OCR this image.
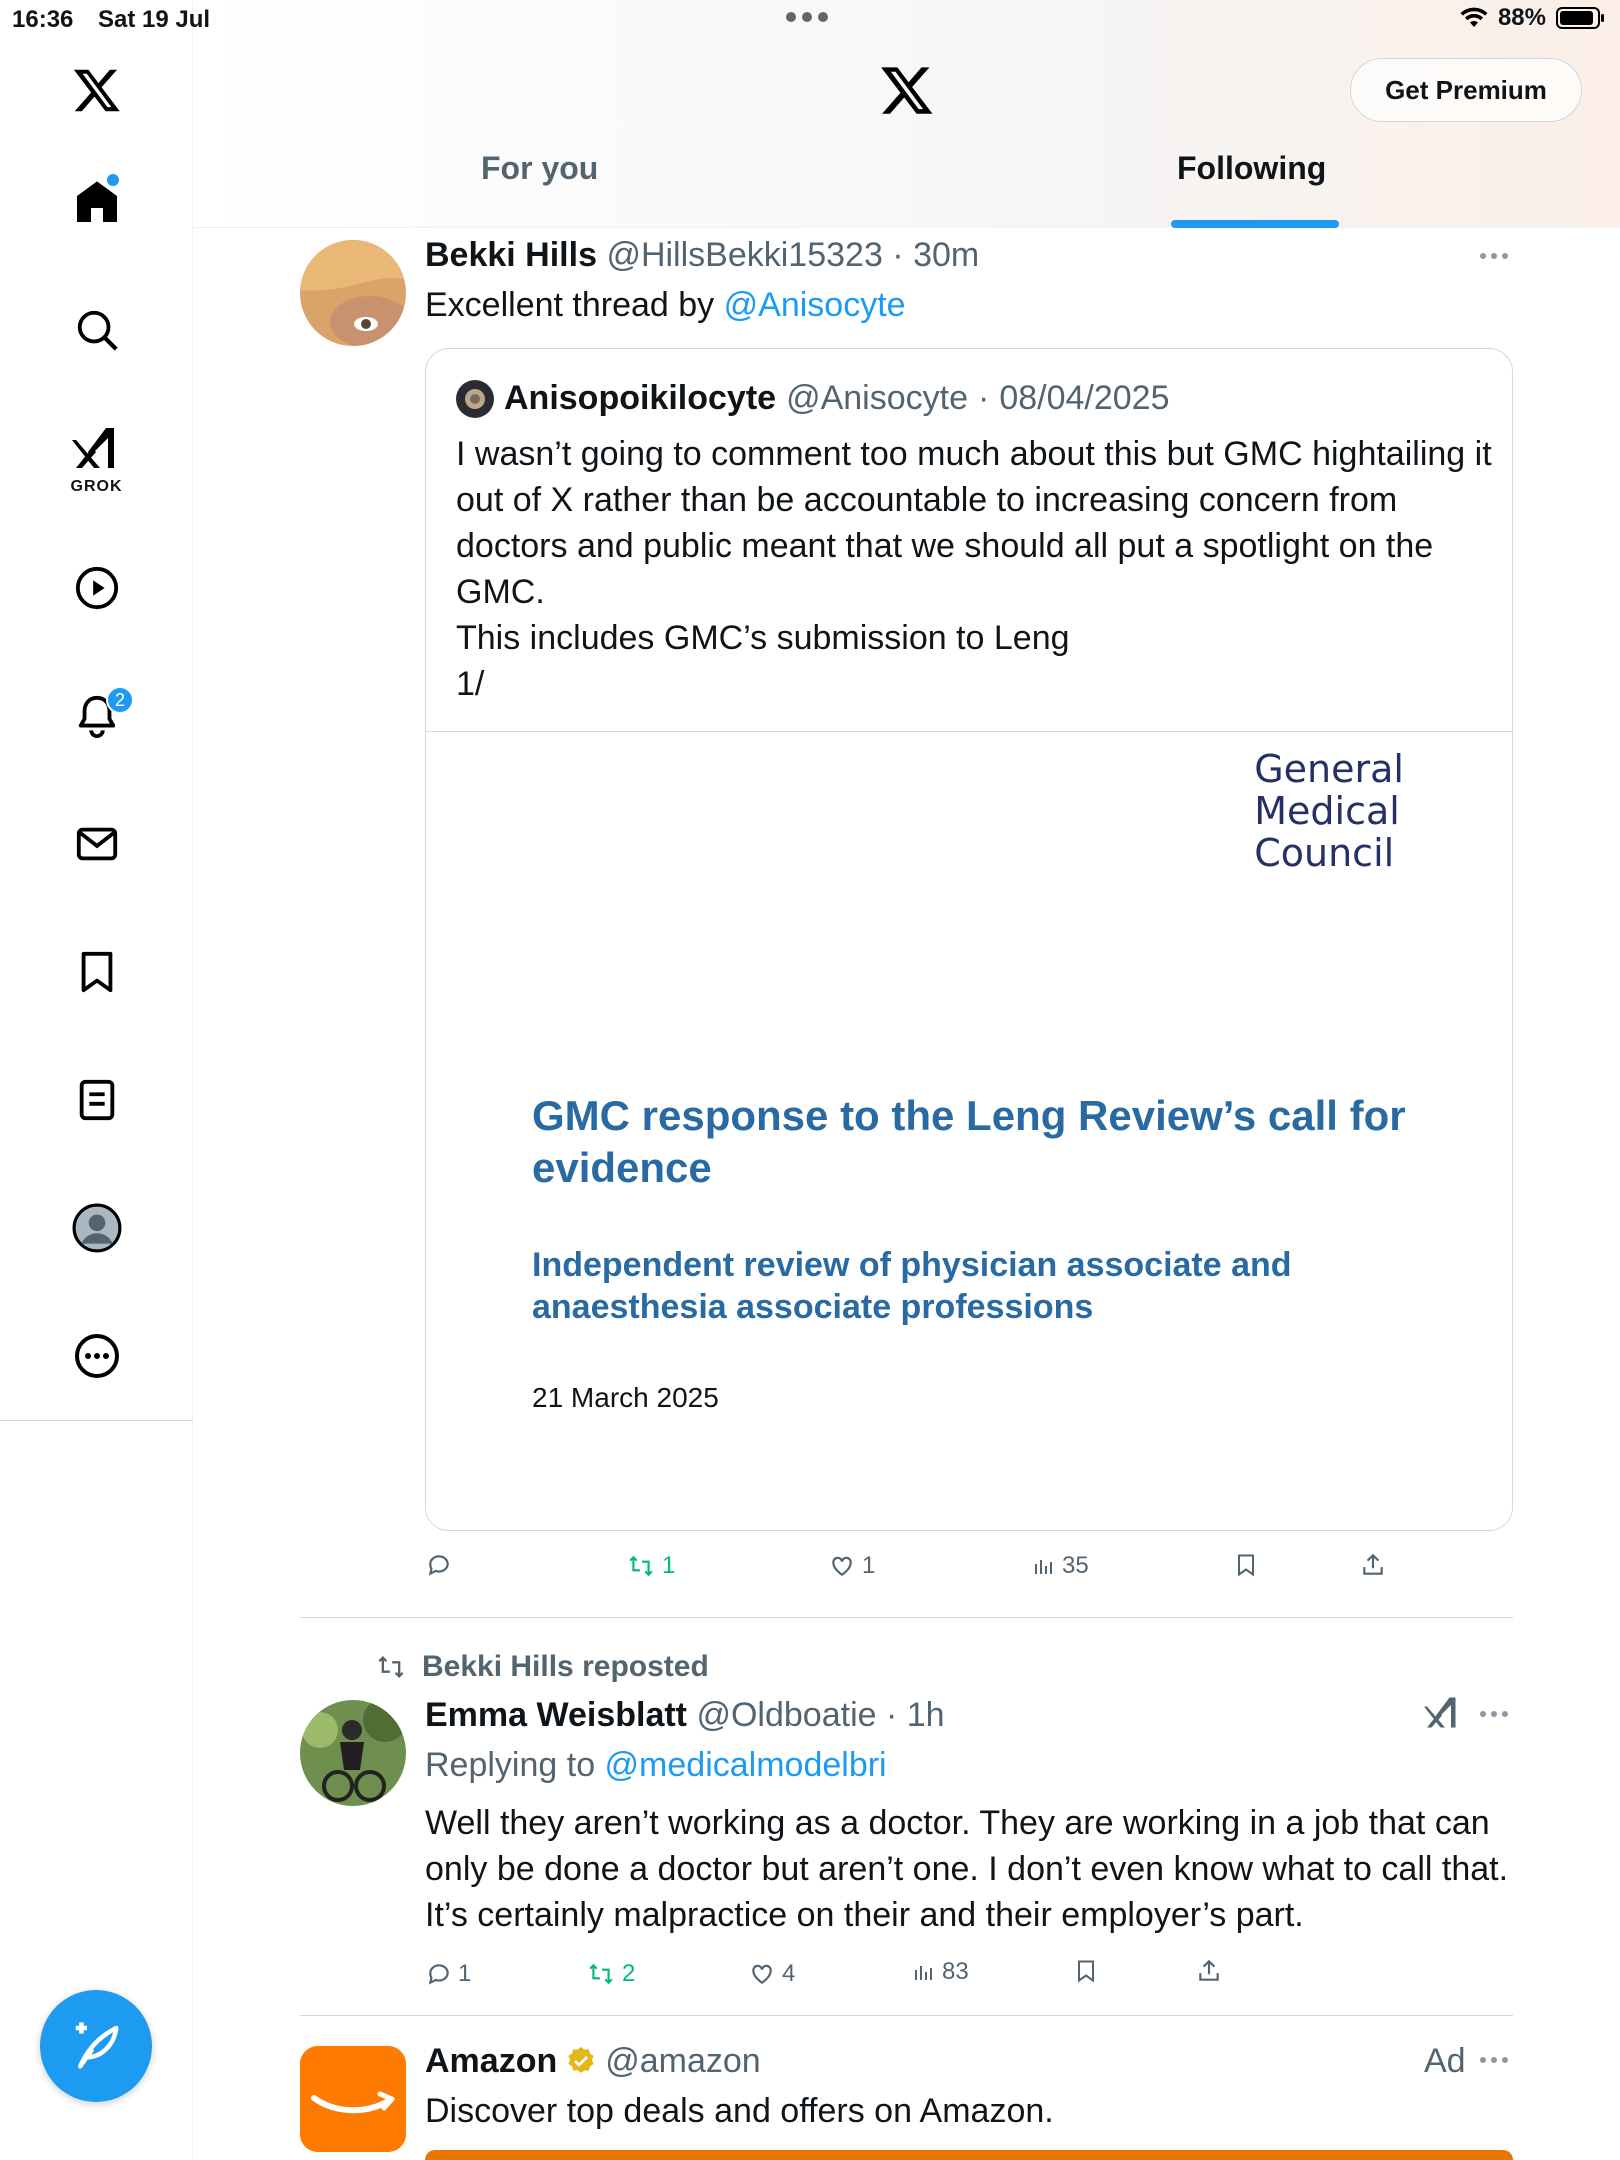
16:36 Sat 19 Jul	88%
GROK
2
Get Premium
For you	Following
Bekki Hills @HillsBekki15323 · 30m
Excellent thread by @Anisocyte
Anisopoikilocyte @Anisocyte · 08/04/2025
I wasn’t going to comment too much about this but GMC hightailing it out of X rather than be accountable to increasing concern from doctors and public meant that we should all put a spotlight on the GMC.
This includes GMC’s submission to Leng
1/
General
Medical
Council
GMC response to the Leng Review’s call for evidence
Independent review of physician associate and anaesthesia associate professions
21 March 2025
1	1	35
Bekki Hills reposted
Emma Weisblatt @Oldboatie · 1h
Replying to @medicalmodelbri
Well they aren’t working as a doctor. They are working in a job that can only be done a doctor but aren’t one. I don’t even know what to call that. It’s certainly malpractice on their and their employer’s part.
1	2	4	83
Amazon @amazon	Ad
Discover top deals and offers on Amazon.
